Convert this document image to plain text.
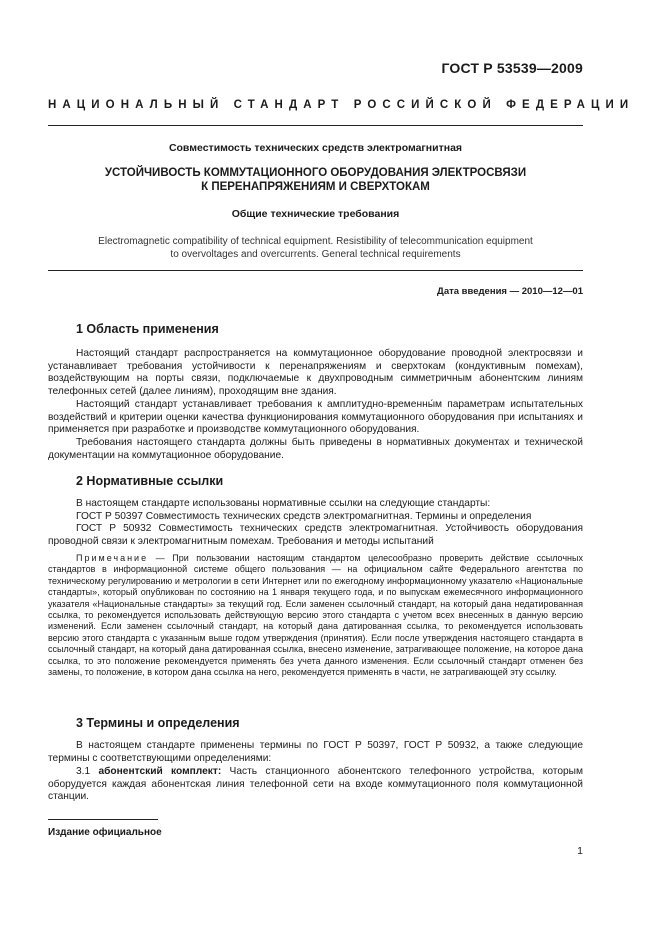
ГОСТ Р 53539—2009
НАЦИОНАЛЬНЫЙ СТАНДАРТ РОССИЙСКОЙ ФЕДЕРАЦИИ
Совместимость технических средств электромагнитная
УСТОЙЧИВОСТЬ КОММУТАЦИОННОГО ОБОРУДОВАНИЯ ЭЛЕКТРОСВЯЗИ
К ПЕРЕНАПРЯЖЕНИЯМ И СВЕРХТОКАМ
Общие технические требования
Electromagnetic compatibility of technical equipment. Resistibility of telecommunication equipment
to overvoltages and overcurrents. General technical requirements
Дата введения — 2010—12—01
1 Область применения
Настоящий стандарт распространяется на коммутационное оборудование проводной электросвязи и устанавливает требования устойчивости к перенапряжениям и сверхтокам (кондуктивным помехам), воздействующим на порты связи, подключаемые к двухпроводным симметричным абонентским линиям телефонных сетей (далее линиям), проходящим вне здания.
Настоящий стандарт устанавливает требования к амплитудно-временны́м параметрам испытательных воздействий и критерии оценки качества функционирования коммутационного оборудования при испытаниях и применяется при разработке и производстве коммутационного оборудования.
Требования настоящего стандарта должны быть приведены в нормативных документах и технической документации на коммутационное оборудование.
2 Нормативные ссылки
В настоящем стандарте использованы нормативные ссылки на следующие стандарты:
ГОСТ Р 50397 Совместимость технических средств электромагнитная. Термины и определения
ГОСТ Р 50932 Совместимость технических средств электромагнитная. Устойчивость оборудования проводной связи к электромагнитным помехам. Требования и методы испытаний
Примечание — При пользовании настоящим стандартом целесообразно проверить действие ссылочных стандартов в информационной системе общего пользования — на официальном сайте Федерального агентства по техническому регулированию и метрологии в сети Интернет или по ежегодному информационному указателю «Национальные стандарты», который опубликован по состоянию на 1 января текущего года, и по выпускам ежемесячного информационного указателя «Национальные стандарты» за текущий год. Если заменен ссылочный стандарт, на который дана недатированная ссылка, то рекомендуется использовать действующую версию этого стандарта с учетом всех внесенных в данную версию изменений. Если заменен ссылочный стандарт, на который дана датированная ссылка, то рекомендуется использовать версию этого стандарта с указанным выше годом утверждения (принятия). Если после утверждения настоящего стандарта в ссылочный стандарт, на который дана датированная ссылка, внесено изменение, затрагивающее положение, на которое дана ссылка, то это положение рекомендуется применять без учета данного изменения. Если ссылочный стандарт отменен без замены, то положение, в котором дана ссылка на него, рекомендуется применять в части, не затрагивающей эту ссылку.
3 Термины и определения
В настоящем стандарте применены термины по ГОСТ Р 50397, ГОСТ Р 50932, а также следующие термины с соответствующими определениями:
3.1 абонентский комплект: Часть станционного абонентского телефонного устройства, которым оборудуется каждая абонентская линия телефонной сети на входе коммутационного поля коммутационной станции.
Издание официальное
1
